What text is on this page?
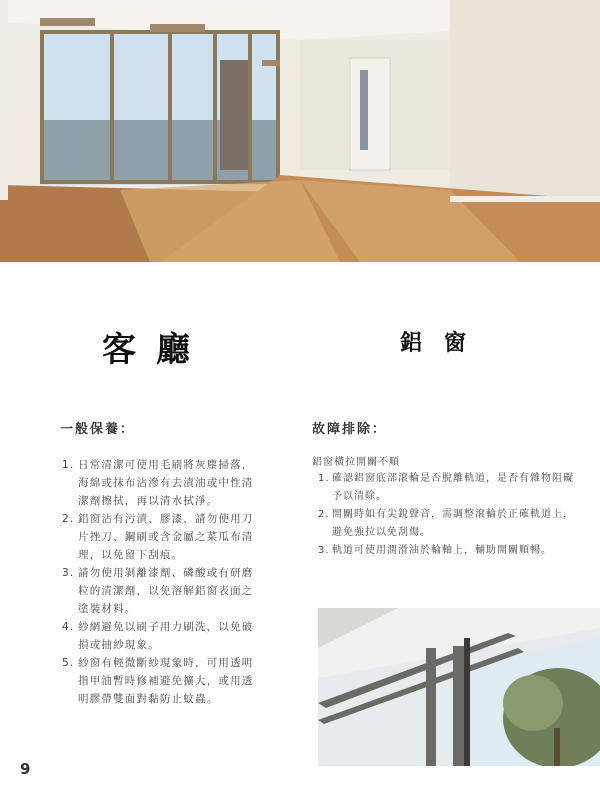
客廳	鋁窗
一般保養：	故障排除：
1. 日常清潔可使用毛刷將灰塵掃落，海綿或抹布沾滲有去漬油或中性清潔劑擦拭，再以清水拭淨。
2. 鋁窗沾有污漬、膠漆，請勿使用刀片挫刀、鋼刷或含金屬之菜瓜布清理，以免留下刮痕。
3. 請勿使用剝離漆劑、磷酸或有研磨粒的清潔劑，以免溶解鋁窗表面之塗裝材料。
4. 紗網避免以刷子用力刷洗，以免破損或抽紗現象。
5. 紗窗有輕微斷紗現象時，可用透明指甲油暫時修補避免擴大，或用透明膠帶雙面對黏防止蚊蟲。
鋁窗橫拉開關不順
1. 確認鋁窗底部滾輪是否脫離軌道，是否有雜物阻礙予以清除。
2. 開關時如有尖銳聲音，需調整滾輪於正確軌道上，避免強拉以免刮傷。
3. 軌道可使用潤滑油於輪軸上，輔助開關順暢。
9
